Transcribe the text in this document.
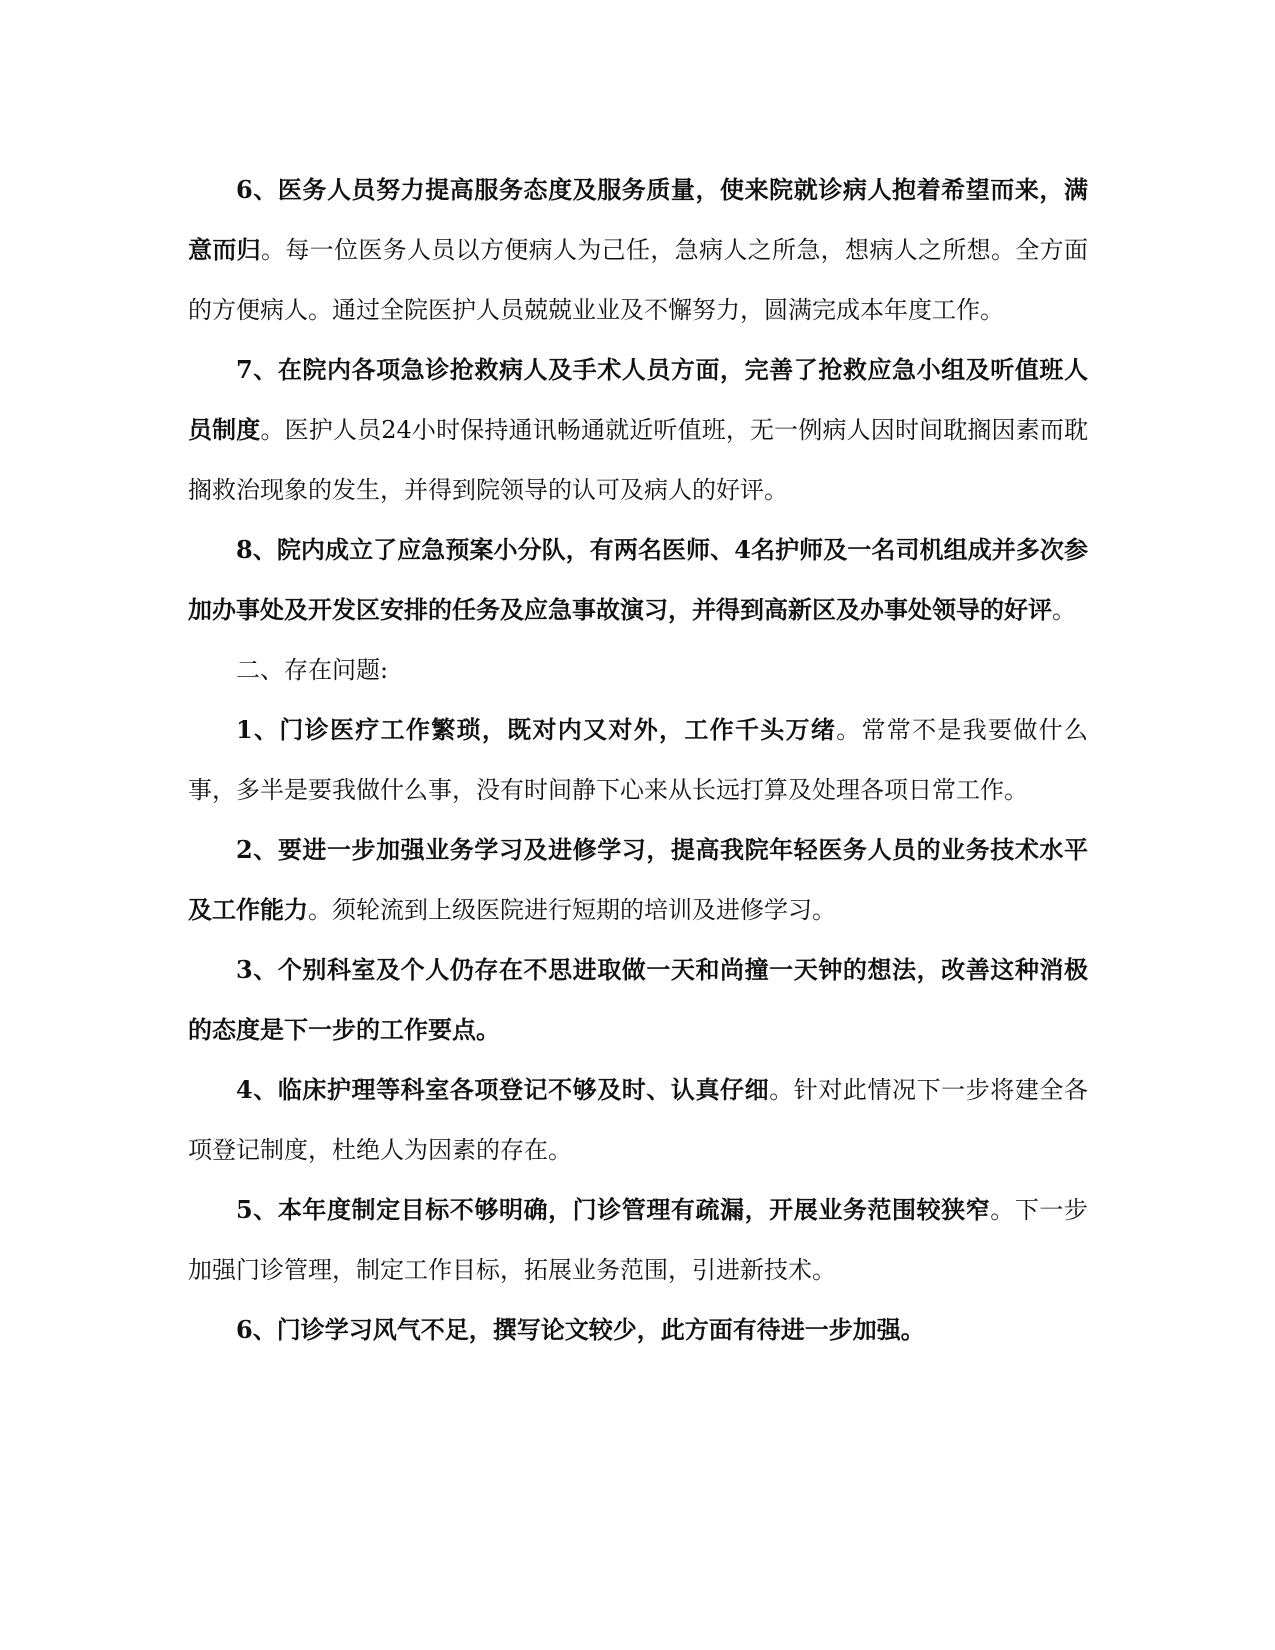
6、医务人员努力提高服务态度及服务质量，使来院就诊病人抱着希望而来，满意而归。每一位医务人员以方便病人为己任，急病人之所急，想病人之所想。全方面的方便病人。通过全院医护人员兢兢业业及不懈努力，圆满完成本年度工作。

7、在院内各项急诊抢救病人及手术人员方面，完善了抢救应急小组及听值班人员制度。医护人员24小时保持通讯畅通就近听值班，无一例病人因时间耽搁因素而耽搁救治现象的发生，并得到院领导的认可及病人的好评。

8、院内成立了应急预案小分队，有两名医师、4名护师及一名司机组成并多次参加办事处及开发区安排的任务及应急事故演习，并得到高新区及办事处领导的好评。

二、存在问题:

1、门诊医疗工作繁琐，既对内又对外，工作千头万绪。常常不是我要做什么事，多半是要我做什么事，没有时间静下心来从长远打算及处理各项日常工作。

2、要进一步加强业务学习及进修学习，提高我院年轻医务人员的业务技术水平及工作能力。须轮流到上级医院进行短期的培训及进修学习。

3、个别科室及个人仍存在不思进取做一天和尚撞一天钟的想法，改善这种消极的态度是下一步的工作要点。

4、临床护理等科室各项登记不够及时、认真仔细。针对此情况下一步将建全各项登记制度，杜绝人为因素的存在。

5、本年度制定目标不够明确，门诊管理有疏漏，开展业务范围较狭窄。下一步加强门诊管理，制定工作目标，拓展业务范围，引进新技术。

6、门诊学习风气不足，撰写论文较少，此方面有待进一步加强。
